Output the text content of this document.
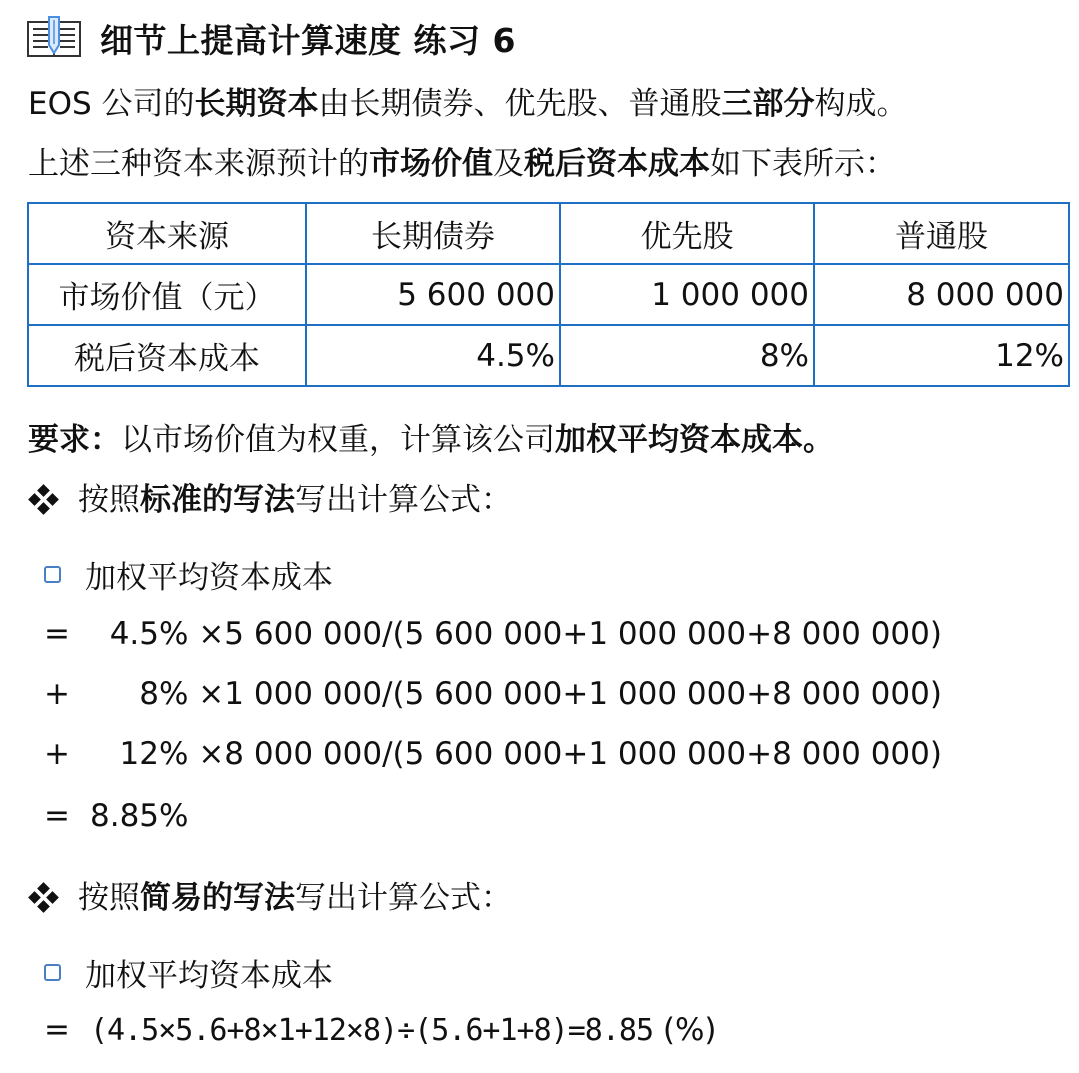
细节上提高计算速度 练习 6
EOS 公司的长期资本由长期债券、优先股、普通股三部分构成。
上述三种资本来源预计的市场价值及税后资本成本如下表所示：
资本来源	长期债券	优先股	普通股
市场价值（元）	5 600 000	1 000 000	8 000 000
税后资本成本	4.5%	8%	12%
要求：以市场价值为权重，计算该公司加权平均资本成本。
按照 标准的写法 写出计算公式：
加权平均资本成本
=  4.5% ×5 600 000/(5 600 000+1 000 000+8 000 000)
+     8% ×1 000 000/(5 600 000+1 000 000+8 000 000)
+   12% ×8 000 000/(5 600 000+1 000 000+8 000 000)
= 8.85%
按照 简易的写法 写出计算公式：
加权平均资本成本
= (4.5×5.6+8×1+12×8)÷(5.6+1+8)=8.85 (%)
